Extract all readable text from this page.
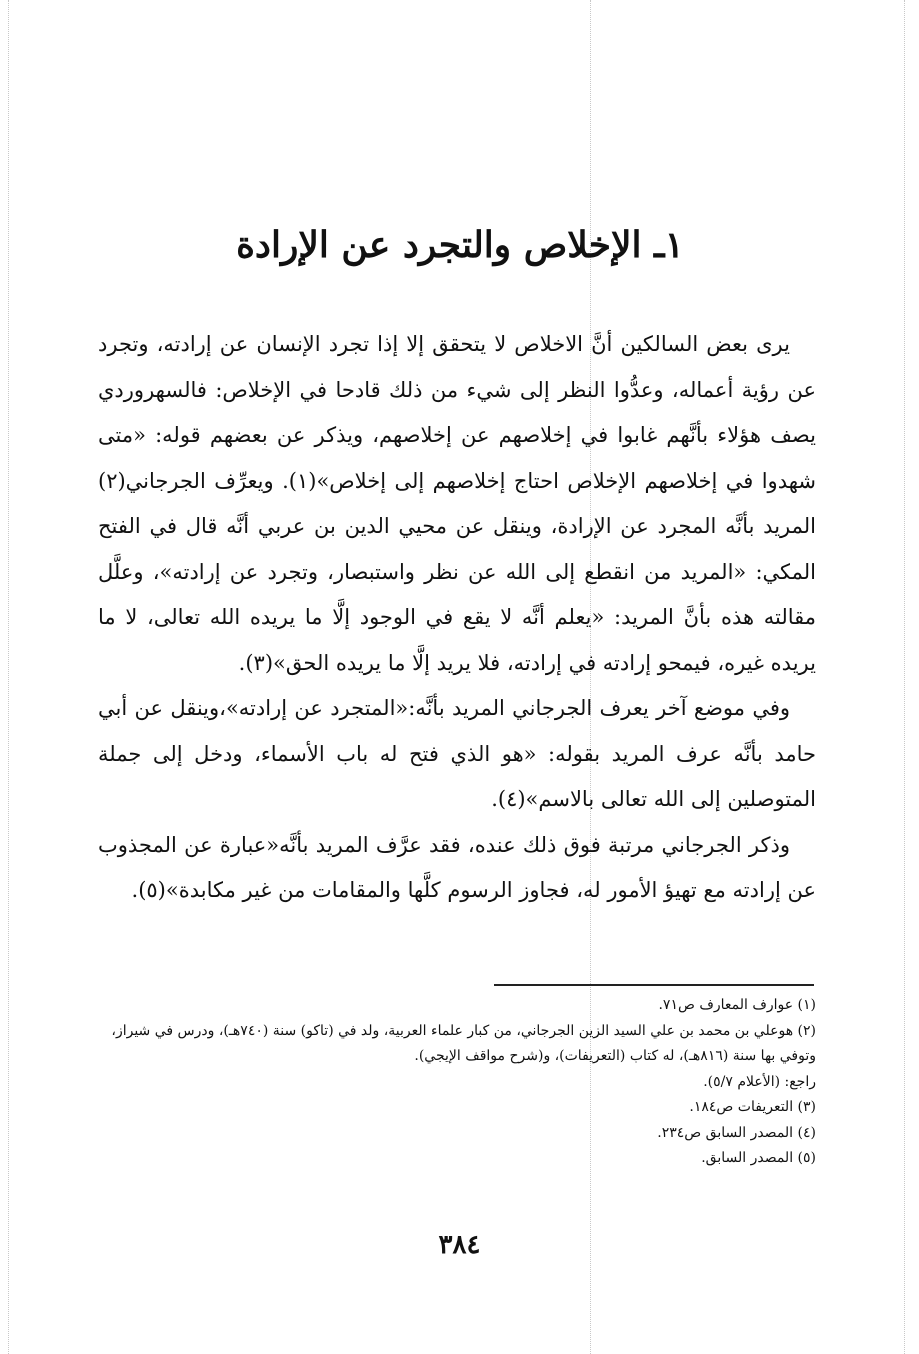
١ـ الإخلاص والتجرد عن الإرادة

يرى بعض السالكين أنَّ الاخلاص لا يتحقق إلا إذا تجرد الإنسان عن إرادته، وتجرد عن رؤية أعماله، وعدُّوا النظر إلى شيء من ذلك قادحا في الإخلاص: فالسهروردي يصف هؤلاء بأنَّهم غابوا في إخلاصهم عن إخلاصهم، ويذكر عن بعضهم قوله: «متى شهدوا في إخلاصهم الإخلاص احتاج إخلاصهم إلى إخلاص»(١). ويعرِّف الجرجاني(٢) المريد بأنَّه المجرد عن الإرادة، وينقل عن محيي الدين بن عربي أنَّه قال في الفتح المكي: «المريد من انقطع إلى الله عن نظر واستبصار، وتجرد عن إرادته»، وعلَّل مقالته هذه بأنَّ المريد: «يعلم أنَّه لا يقع في الوجود إلَّا ما يريده الله تعالى، لا ما يريده غيره، فيمحو إرادته في إرادته، فلا يريد إلَّا ما يريده الحق»(٣).

وفي موضع آخر يعرف الجرجاني المريد بأنَّه:«المتجرد عن إرادته»،وينقل عن أبي حامد بأنَّه عرف المريد بقوله: «هو الذي فتح له باب الأسماء، ودخل إلى جملة المتوصلين إلى الله تعالى بالاسم»(٤).

وذكر الجرجاني مرتبة فوق ذلك عنده، فقد عرَّف المريد بأنَّه«عبارة عن المجذوب عن إرادته مع تهيؤ الأمور له، فجاوز الرسوم كلَّها والمقامات من غير مكابدة»(٥).

(١) عوارف المعارف ص٧١.

(٢) هوعلي بن محمد بن علي السيد الزين الجرجاني، من كبار علماء العربية، ولد في (تاكو) سنة (٧٤٠هـ)، ودرس في شيراز، وتوفي بها سنة (٨١٦هـ)، له كتاب (التعريفات)، و(شرح مواقف الإيجي).

راجع: (الأعلام ٥/٧).

(٣) التعريفات ص١٨٤.

(٤) المصدر السابق ص٢٣٤.

(٥) المصدر السابق.

٣٨٤
